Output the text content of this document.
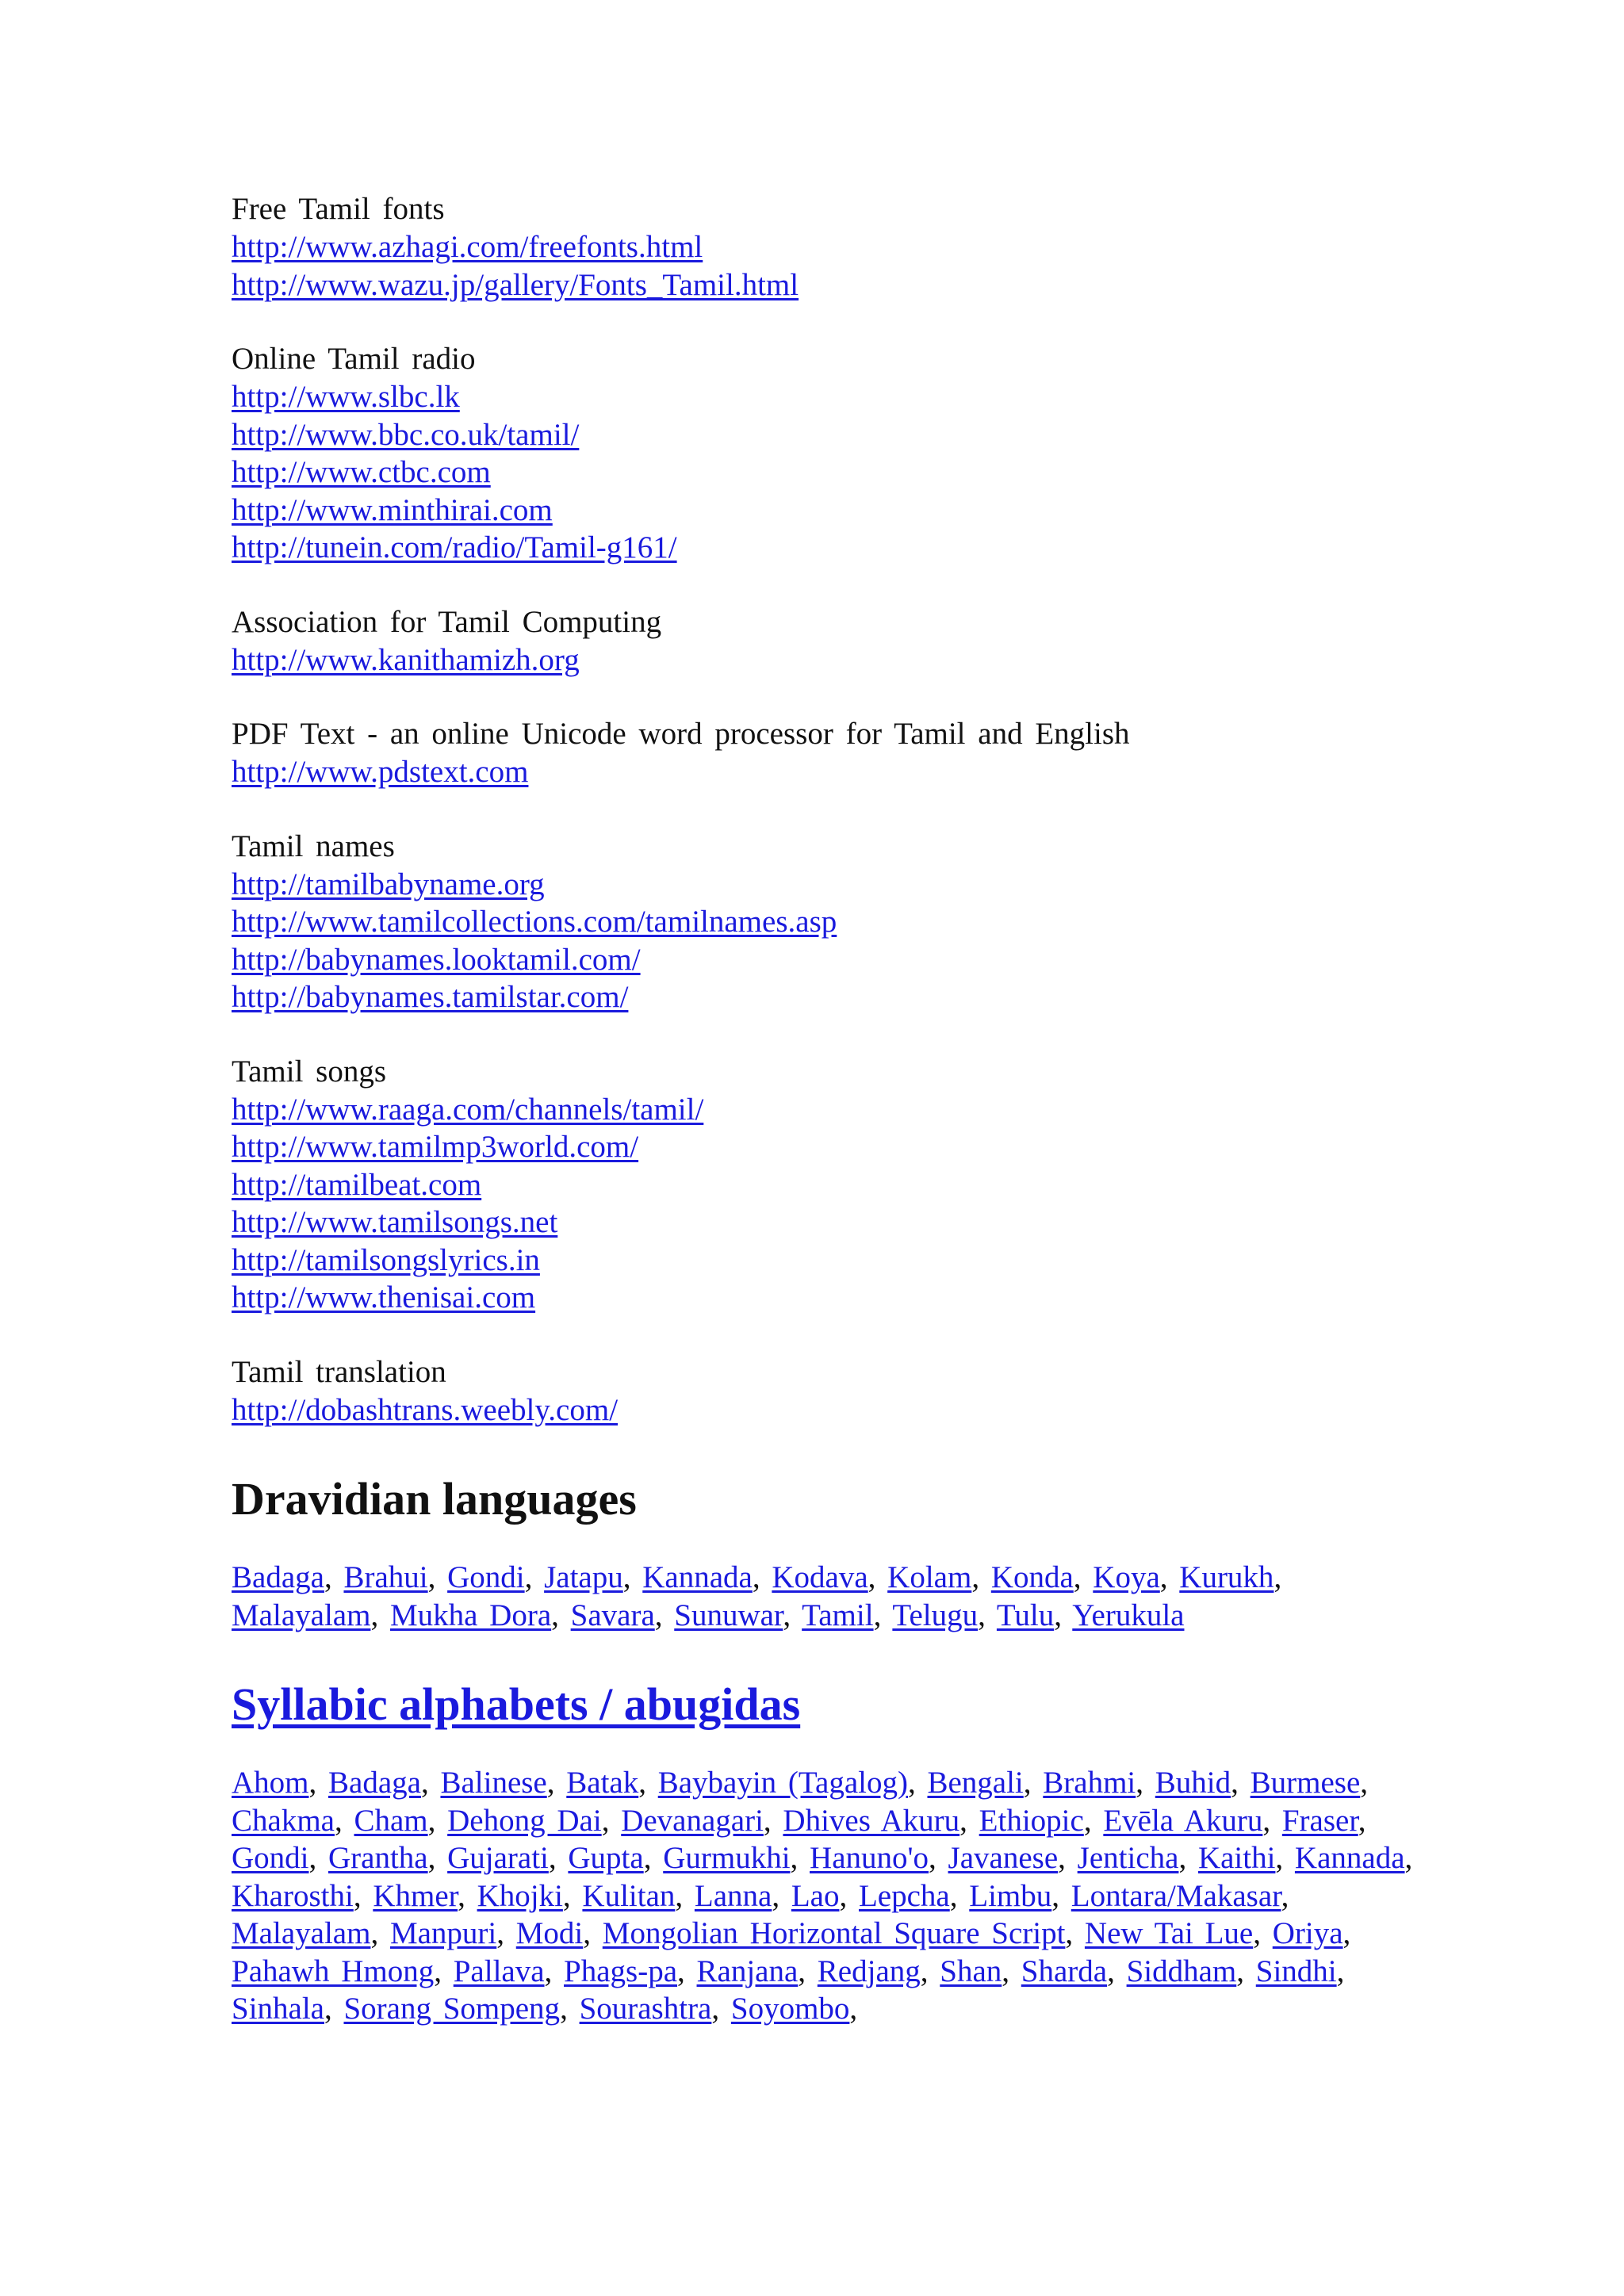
Free Tamil fonts
http://www.azhagi.com/freefonts.html
http://www.wazu.jp/gallery/Fonts_Tamil.html
Online Tamil radio
http://www.slbc.lk
http://www.bbc.co.uk/tamil/
http://www.ctbc.com
http://www.minthirai.com
http://tunein.com/radio/Tamil-g161/
Association for Tamil Computing
http://www.kanithamizh.org
PDF Text - an online Unicode word processor for Tamil and English
http://www.pdstext.com
Tamil names
http://tamilbabyname.org
http://www.tamilcollections.com/tamilnames.asp
http://babynames.looktamil.com/
http://babynames.tamilstar.com/
Tamil songs
http://www.raaga.com/channels/tamil/
http://www.tamilmp3world.com/
http://tamilbeat.com
http://www.tamilsongs.net
http://tamilsongslyrics.in
http://www.thenisai.com
Tamil translation
http://dobashtrans.weebly.com/
Dravidian languages
Badaga, Brahui, Gondi, Jatapu, Kannada, Kodava, Kolam, Konda, Koya, Kurukh, Malayalam, Mukha Dora, Savara, Sunuwar, Tamil, Telugu, Tulu, Yerukula
Syllabic alphabets / abugidas
Ahom, Badaga, Balinese, Batak, Baybayin (Tagalog), Bengali, Brahmi, Buhid, Burmese, Chakma, Cham, Dehong Dai, Devanagari, Dhives Akuru, Ethiopic, Evēla Akuru, Fraser, Gondi, Grantha, Gujarati, Gupta, Gurmukhi, Hanuno'o, Javanese, Jenticha, Kaithi, Kannada, Kharosthi, Khmer, Khojki, Kulitan, Lanna, Lao, Lepcha, Limbu, Lontara/Makasar, Malayalam, Manpuri, Modi, Mongolian Horizontal Square Script, New Tai Lue, Oriya, Pahawh Hmong, Pallava, Phags-pa, Ranjana, Redjang, Shan, Sharda, Siddham, Sindhi, Sinhala, Sorang Sompeng, Sourashtra, Soyombo,
